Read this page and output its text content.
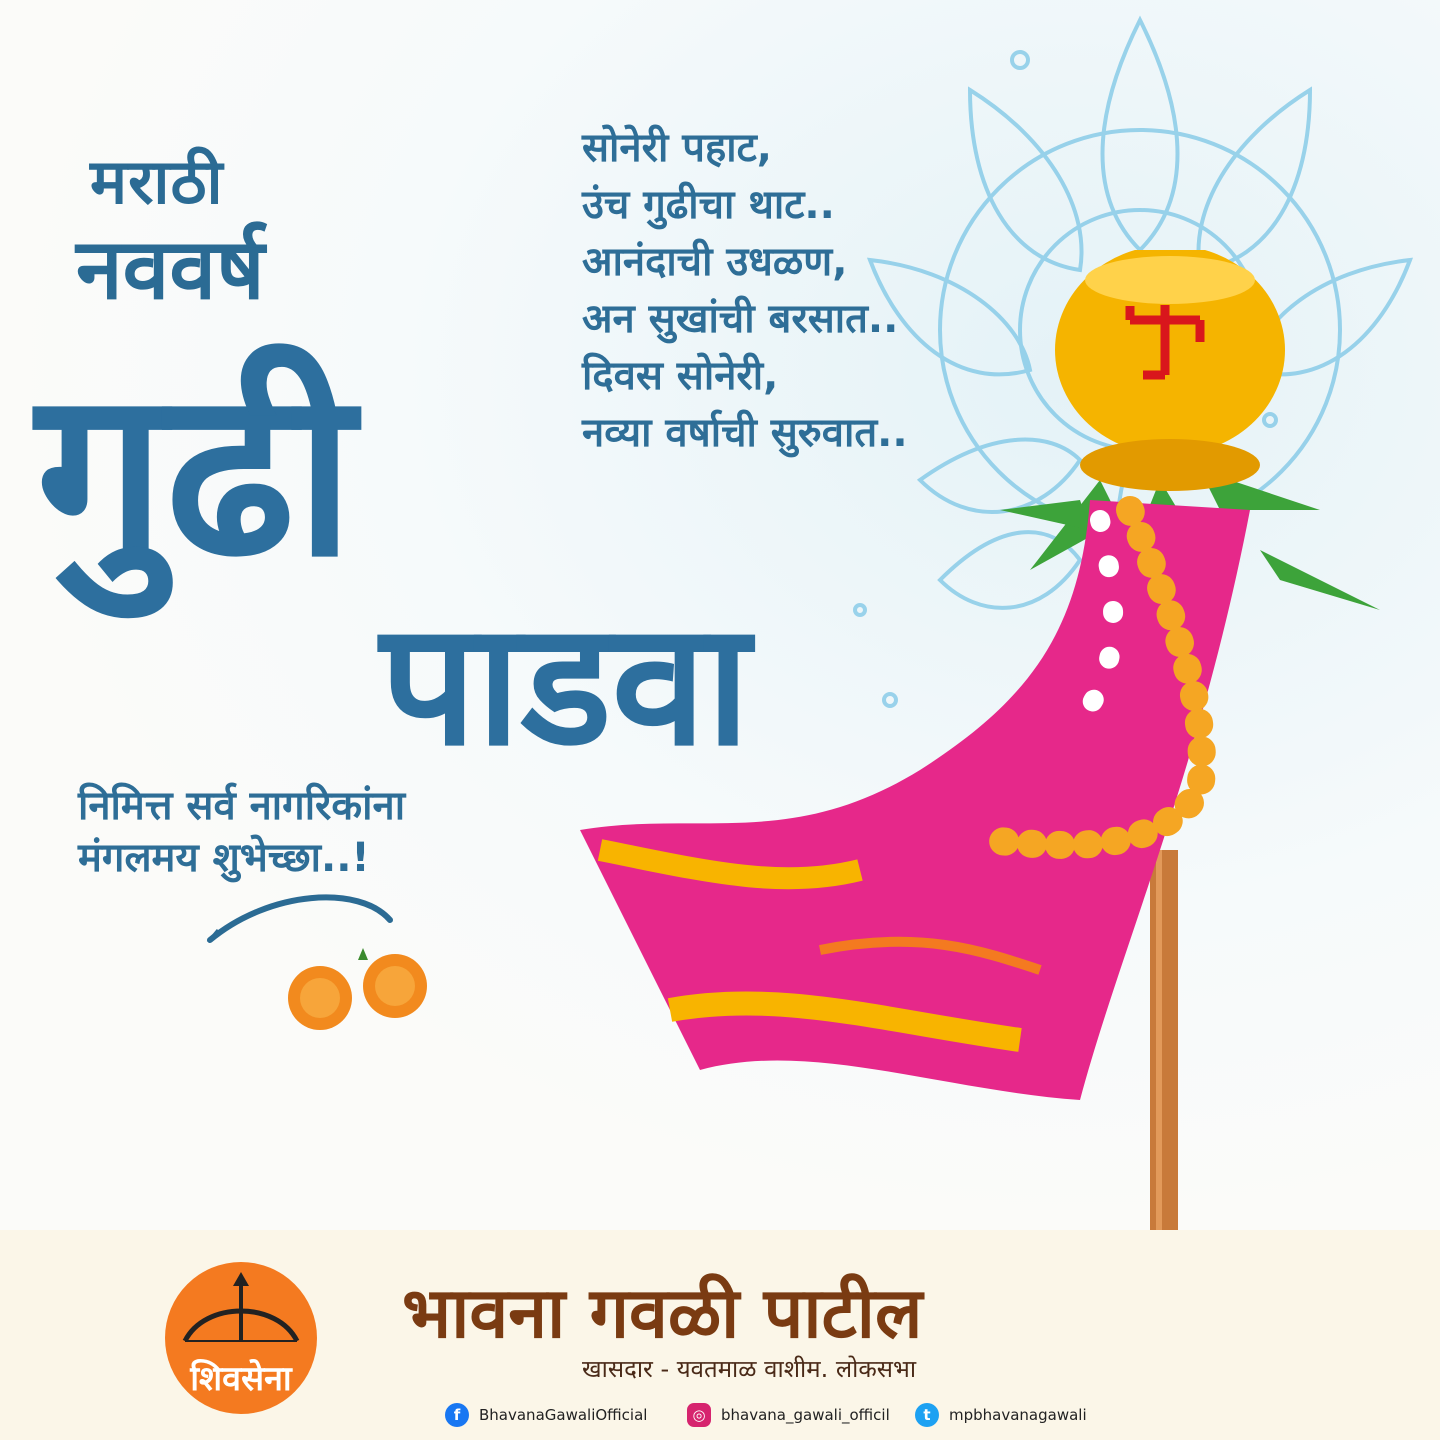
मराठी
नववर्ष
गुढी
पाडवा
सोनेरी पहाट,
उंच गुढीचा थाट..
आनंदाची उधळण,
अन सुखांची बरसात..
दिवस सोनेरी,
नव्या वर्षाची सुरुवात..
निमित्त सर्व नागरिकांना
मंगलमय शुभेच्छा..!
शिवसेना
भावना गवळी पाटील
खासदार - यवतमाळ वाशीम. लोकसभा
f	BhavanaGawaliOfficial	◎	bhavana_gawali_officil	t	mpbhavanagawali
